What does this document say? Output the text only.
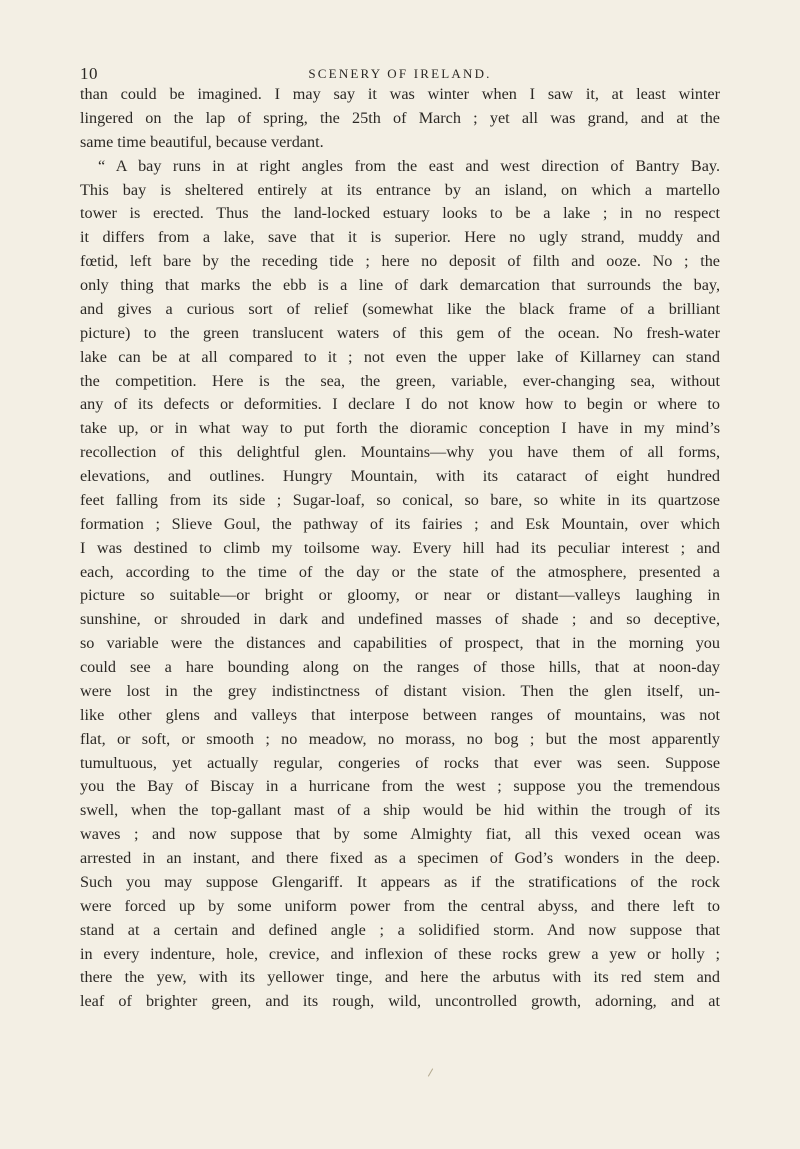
10	SCENERY OF IRELAND.
than could be imagined. I may say it was winter when I saw it, at least winter
lingered on the lap of spring, the 25th of March ; yet all was grand, and at the
same time beautiful, because verdant.
“ A bay runs in at right angles from the east and west direction of Bantry Bay.
This bay is sheltered entirely at its entrance by an island, on which a martello
tower is erected. Thus the land-locked estuary looks to be a lake ; in no respect
it differs from a lake, save that it is superior. Here no ugly strand, muddy and
fœtid, left bare by the receding tide ; here no deposit of filth and ooze. No ; the
only thing that marks the ebb is a line of dark demarcation that surrounds the bay,
and gives a curious sort of relief (somewhat like the black frame of a brilliant
picture) to the green translucent waters of this gem of the ocean. No fresh-water
lake can be at all compared to it ; not even the upper lake of Killarney can stand
the competition. Here is the sea, the green, variable, ever-changing sea, without
any of its defects or deformities. I declare I do not know how to begin or where to
take up, or in what way to put forth the dioramic conception I have in my mind’s
recollection of this delightful glen. Mountains—why you have them of all forms,
elevations, and outlines. Hungry Mountain, with its cataract of eight hundred
feet falling from its side ; Sugar-loaf, so conical, so bare, so white in its quartzose
formation ; Slieve Goul, the pathway of its fairies ; and Esk Mountain, over which
I was destined to climb my toilsome way. Every hill had its peculiar interest ; and
each, according to the time of the day or the state of the atmosphere, presented a
picture so suitable—or bright or gloomy, or near or distant—valleys laughing in
sunshine, or shrouded in dark and undefined masses of shade ; and so deceptive,
so variable were the distances and capabilities of prospect, that in the morning you
could see a hare bounding along on the ranges of those hills, that at noon-day
were lost in the grey indistinctness of distant vision. Then the glen itself, un-
like other glens and valleys that interpose between ranges of mountains, was not
flat, or soft, or smooth ; no meadow, no morass, no bog ; but the most apparently
tumultuous, yet actually regular, congeries of rocks that ever was seen. Suppose
you the Bay of Biscay in a hurricane from the west ; suppose you the tremendous
swell, when the top-gallant mast of a ship would be hid within the trough of its
waves ; and now suppose that by some Almighty fiat, all this vexed ocean was
arrested in an instant, and there fixed as a specimen of God’s wonders in the deep.
Such you may suppose Glengariff. It appears as if the stratifications of the rock
were forced up by some uniform power from the central abyss, and there left to
stand at a certain and defined angle ; a solidified storm. And now suppose that
in every indenture, hole, crevice, and inflexion of these rocks grew a yew or holly ;
there the yew, with its yellower tinge, and here the arbutus with its red stem and
leaf of brighter green, and its rough, wild, uncontrolled growth, adorning, and at
